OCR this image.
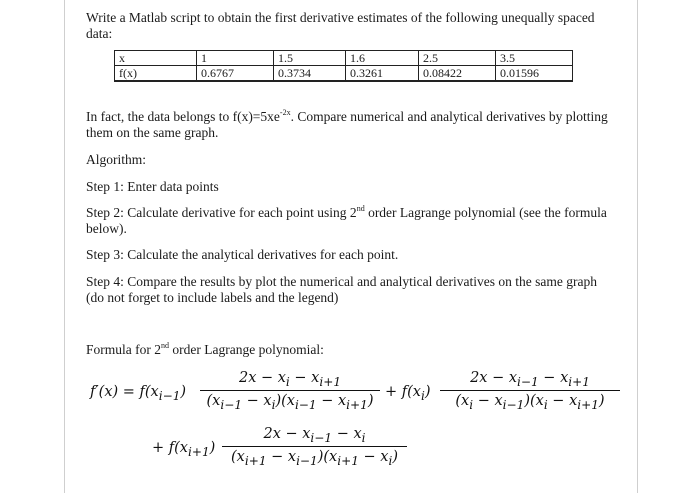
Write a Matlab script to obtain the first derivative estimates of the following unequally spaced
data:
x	1	1.5	1.6	2.5	3.5
f(x)	0.6767	0.3734	0.3261	0.08422	0.01596
In fact, the data belongs to $f(x)=5xe^{-2x}$. Compare numerical and analytical derivatives by plotting
them on the same graph.
Algorithm:
Step 1: Enter data points
Step 2: Calculate derivative for each point using 2nd order Lagrange polynomial (see the formula
below).
Step 3: Calculate the analytical derivatives for each point.
Step 4: Compare the results by plot the numerical and analytical derivatives on the same graph
(do not forget to include labels and the legend)
Formula for 2nd order Lagrange polynomial:
$f'(x) = f(x_{i-1})$
$2x - x_i - x_{i+1}$
$(x_{i-1} - x_i)(x_{i-1} - x_{i+1})$
+ $f(x_i)$
$2x - x_{i-1} - x_{i+1}$
$(x_i - x_{i-1})(x_i - x_{i+1})$
+ $f(x_{i+1})$
$2x - x_{i-1} - x_i$
$(x_{i+1} - x_{i-1})(x_{i+1} - x_i)$
